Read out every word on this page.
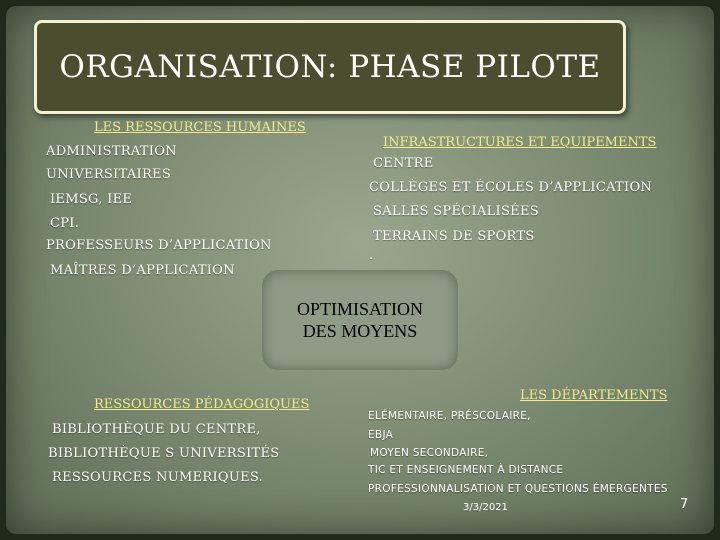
ORGANISATION: PHASE PILOTE
LES RESSOURCES HUMAINES
ADMINISTRATION
UNIVERSITAIRES
IEMSG, IEE
CPI.
PROFESSEURS D’APPLICATION
MAÎTRES D’APPLICATION
INFRASTRUCTURES ET EQUIPEMENTS
CENTRE
COLLÈGES ET ÉCOLES D’APPLICATION
SALLES SPÉCIALISÉES
TERRAINS DE SPORTS
.
OPTIMISATION
DES MOYENS
RESSOURCES PÉDAGOGIQUES
BIBLIOTHÈQUE DU CENTRE,
BIBLIOTHÈQUE S UNIVERSITÉS
RESSOURCES NUMERIQUES.
LES DÉPARTEMENTS
ELÉMENTAIRE, PRÉSCOLAIRE,
EBJA
MOYEN SECONDAIRE,
TIC ET ENSEIGNEMENT À DISTANCE
PROFESSIONNALISATION ET QUESTIONS ÉMERGENTES
3/3/2021	7
